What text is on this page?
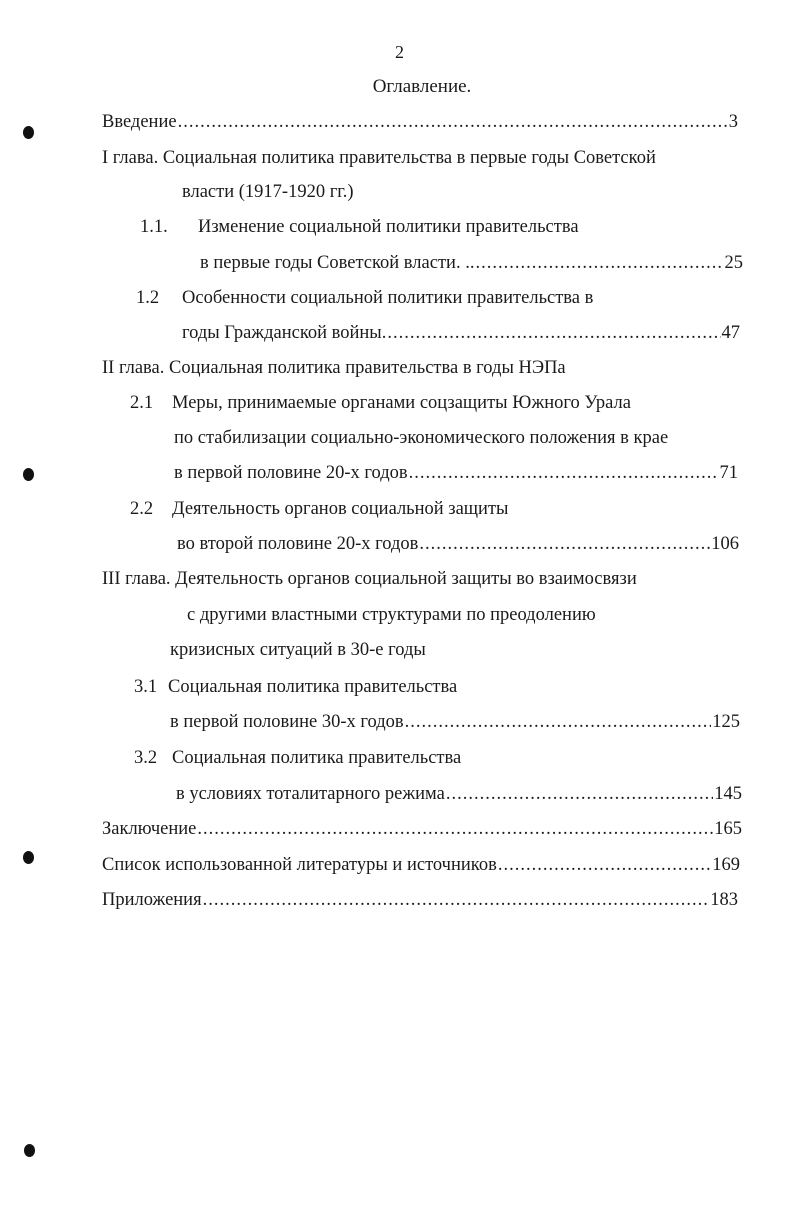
2
Оглавление.
Введение .....	3
I глава. Социальная политика правительства в первые годы Советской
власти (1917-1920 гг.)
1.1.	Изменение социальной политики правительства
в первые годы Советской власти. .. .....	25
1.2	Особенности социальной политики правительства в
годы Гражданской войны. .....	47
II глава. Социальная политика правительства в годы НЭПа
2.1	Меры, принимаемые органами соцзащиты Южного Урала
по стабилизации социально-экономического положения в крае
в первой половине 20-х годов .....	71
2.2	Деятельность органов социальной защиты
во второй половине 20-х годов .....	106
III глава. Деятельность органов социальной защиты во взаимосвязи
с другими властными структурами по преодолению
кризисных ситуаций в 30-е годы
3.1 Социальная политика правительства
в первой половине 30-х годов .....	125
3.2 Социальная политика правительства
в условиях тоталитарного режима .....	145
Заключение .....	165
Список использованной литературы и источников .....	169
Приложения .....	183
